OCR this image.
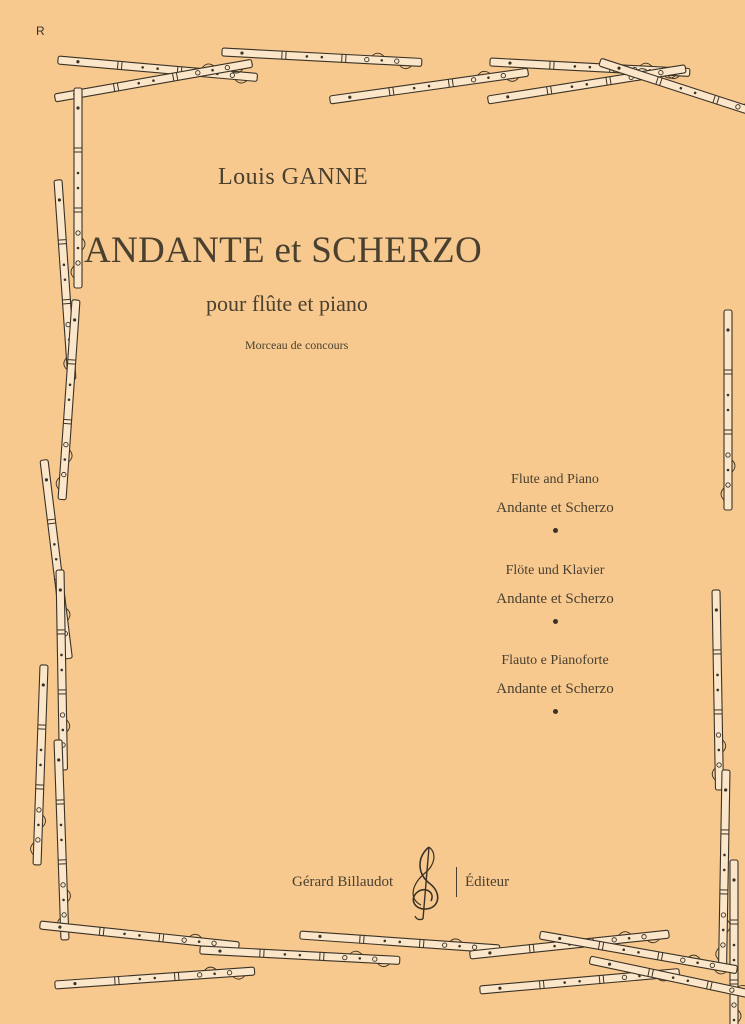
R
Louis GANNE
ANDANTE et SCHERZO
pour flûte et piano
Morceau de concours
Flute and Piano
Andante et Scherzo
Flöte und Klavier
Andante et Scherzo
Flauto e Pianoforte
Andante et Scherzo
Gérard Billaudot	Éditeur
